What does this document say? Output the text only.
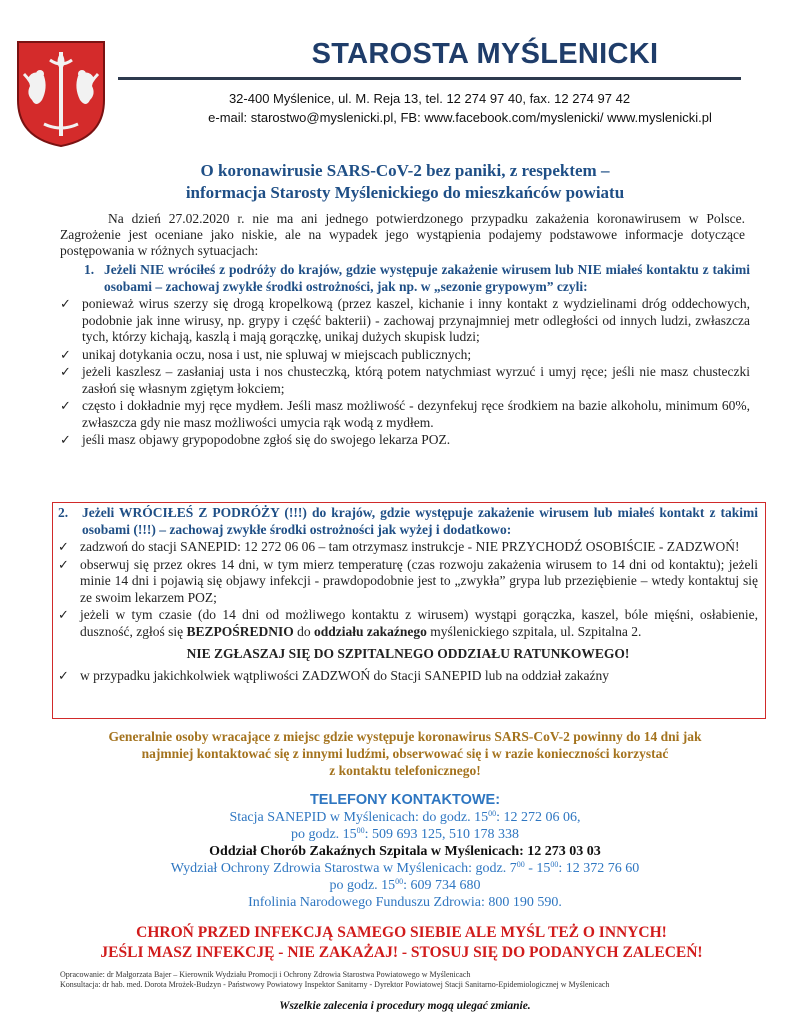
STAROSTA MYŚLENICKI
32-400 Myślenice, ul. M. Reja 13, tel. 12 274 97 40, fax. 12 274 97 42
e-mail: starostwo@myslenicki.pl, FB: www.facebook.com/myslenicki/ www.myslenicki.pl
O koronawirusie SARS-CoV-2 bez paniki, z respektem –
informacja Starosty Myślenickiego do mieszkańców powiatu
Na dzień 27.02.2020 r. nie ma ani jednego potwierdzonego przypadku zakażenia koronawirusem w Polsce. Zagrożenie jest oceniane jako niskie, ale na wypadek jego wystąpienia podajemy podstawowe informacje dotyczące postępowania w różnych sytuacjach:
1. Jeżeli NIE wróciłeś z podróży do krajów, gdzie występuje zakażenie wirusem lub NIE miałeś kontaktu z takimi osobami – zachowaj zwykłe środki ostrożności, jak np. w „sezonie grypowym” czyli:
✓ ponieważ wirus szerzy się drogą kropelkową (przez kaszel, kichanie i inny kontakt z wydzielinami dróg oddechowych, podobnie jak inne wirusy, np. grypy i część bakterii) - zachowaj przynajmniej metr odległości od innych ludzi, zwłaszcza tych, którzy kichają, kaszlą i mają gorączkę, unikaj dużych skupisk ludzi;
✓ unikaj dotykania oczu, nosa i ust, nie spluwaj w miejscach publicznych;
✓ jeżeli kaszlesz – zasłaniaj usta i nos chusteczką, którą potem natychmiast wyrzuć i umyj ręce; jeśli nie masz chusteczki zasłoń się własnym zgiętym łokciem;
✓ często i dokładnie myj ręce mydłem. Jeśli masz możliwość - dezynfekuj ręce środkiem na bazie alkoholu, minimum 60%, zwłaszcza gdy nie masz możliwości umycia rąk wodą z mydłem.
✓ jeśli masz objawy grypopodobne zgłoś się do swojego lekarza POZ.
2.	Jeżeli WRÓCIŁEŚ Z PODRÓŻY (!!!) do krajów, gdzie występuje zakażenie wirusem lub miałeś kontakt z takimi osobami (!!!) – zachowaj zwykłe środki ostrożności jak wyżej i dodatkowo:
✓ zadzwoń do stacji SANEPID: 12 272 06 06 – tam otrzymasz instrukcje - NIE PRZYCHODŹ OSOBIŚCIE - ZADZWOŃ!
✓ obserwuj się przez okres 14 dni, w tym mierz temperaturę (czas rozwoju zakażenia wirusem to 14 dni od kontaktu); jeżeli minie 14 dni i pojawią się objawy infekcji - prawdopodobnie jest to „zwykła” grypa lub przeziębienie – wtedy kontaktuj się ze swoim lekarzem POZ;
✓ jeżeli w tym czasie (do 14 dni od możliwego kontaktu z wirusem) wystąpi gorączka, kaszel, bóle mięśni, osłabienie, duszność, zgłoś się BEZPOŚREDNIO do oddziału zakaźnego myślenickiego szpitala, ul. Szpitalna 2.
NIE ZGŁASZAJ SIĘ DO SZPITALNEGO ODDZIAŁU RATUNKOWEGO!
✓ w przypadku jakichkolwiek wątpliwości ZADZWOŃ do Stacji SANEPID lub na oddział zakaźny
Generalnie osoby wracające z miejsc gdzie występuje koronawirus SARS-CoV-2 powinny do 14 dni jak
najmniej kontaktować się z innymi ludźmi, obserwować się i w razie konieczności korzystać
z kontaktu telefonicznego!
TELEFONY KONTAKTOWE:
Stacja SANEPID w Myślenicach: do godz. $15^{00}$: 12 272 06 06,
po godz. $15^{00}$: 509 693 125, 510 178 338
Oddział Chorób Zakaźnych Szpitala w Myślenicach: 12 273 03 03
Wydział Ochrony Zdrowia Starostwa w Myślenicach: godz. $7^{00} - 15^{00}$: 12 372 76 60
po godz. $15^{00}$: 609 734 680
Infolinia Narodowego Funduszu Zdrowia: 800 190 590.
CHROŃ PRZED INFEKCJĄ SAMEGO SIEBIE ALE MYŚL TEŻ O INNYCH!
JEŚLI MASZ INFEKCJĘ - NIE ZAKAŻAJ! - STOSUJ SIĘ DO PODANYCH ZALECEŃ!
Opracowanie: dr Małgorzata Bajer – Kierownik Wydziału Promocji i Ochrony Zdrowia Starostwa Powiatowego w Myślenicach
Konsultacja: dr hab. med. Dorota Mrożek-Budzyn - Państwowy Powiatowy Inspektor Sanitarny - Dyrektor Powiatowej Stacji Sanitarno-Epidemiologicznej w Myślenicach
Wszelkie zalecenia i procedury mogą ulegać zmianie.
